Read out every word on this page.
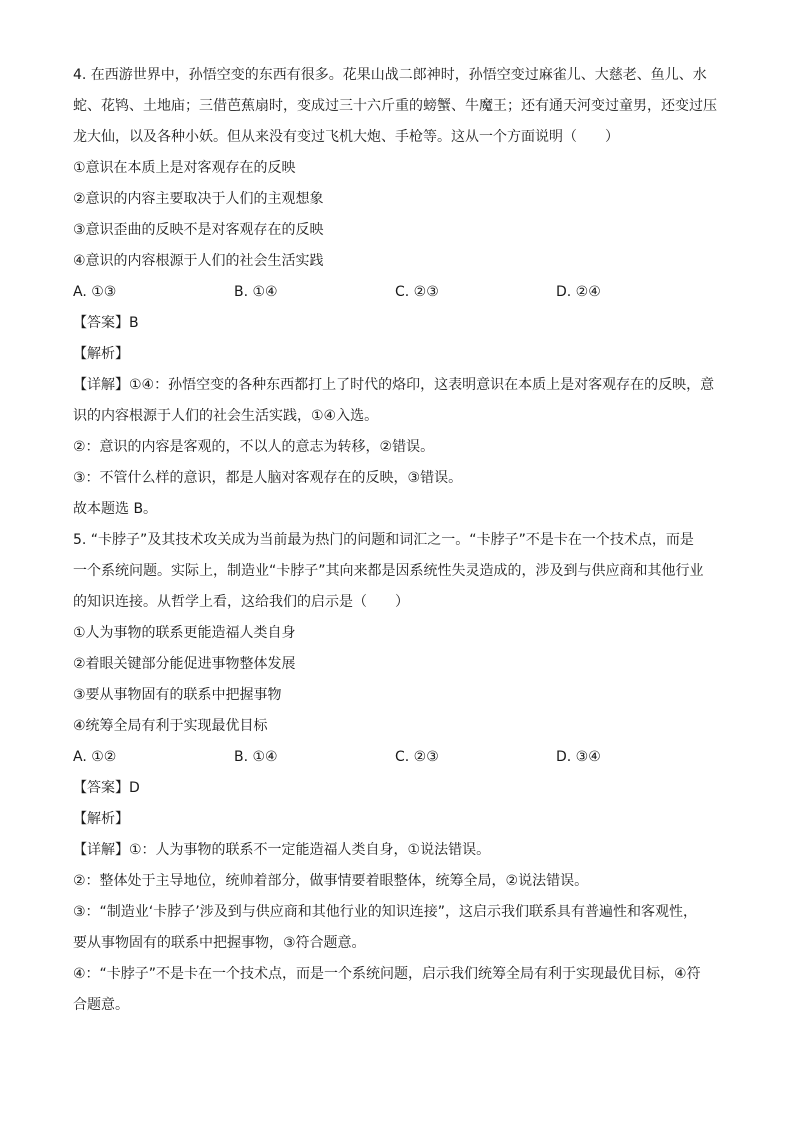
4. 在西游世界中，孙悟空变的东西有很多。花果山战二郎神时，孙悟空变过麻雀儿、大慈老、鱼儿、水

蛇、花鸨、土地庙；三借芭蕉扇时，变成过三十六斤重的螃蟹、牛魔王；还有通天河变过童男，还变过压

龙大仙，以及各种小妖。但从来没有变过飞机大炮、手枪等。这从一个方面说明（　　）

①意识在本质上是对客观存在的反映

②意识的内容主要取决于人们的主观想象

③意识歪曲的反映不是对客观存在的反映

④意识的内容根源于人们的社会生活实践

A. ①③	B. ①④	C. ②③	D. ②④

【答案】B

【解析】

【详解】①④：孙悟空变的各种东西都打上了时代的烙印，这表明意识在本质上是对客观存在的反映，意

识的内容根源于人们的社会生活实践，①④入选。

②：意识的内容是客观的，不以人的意志为转移，②错误。

③：不管什么样的意识，都是人脑对客观存在的反映，③错误。

故本题选 B。

5. “卡脖子”及其技术攻关成为当前最为热门的问题和词汇之一。“卡脖子”不是卡在一个技术点，而是

一个系统问题。实际上，制造业“卡脖子”其向来都是因系统性失灵造成的，涉及到与供应商和其他行业

的知识连接。从哲学上看，这给我们的启示是（　　）

①人为事物的联系更能造福人类自身

②着眼关键部分能促进事物整体发展

③要从事物固有的联系中把握事物

④统筹全局有利于实现最优目标

A. ①②	B. ①④	C. ②③	D. ③④

【答案】D

【解析】

【详解】①：人为事物的联系不一定能造福人类自身，①说法错误。

②：整体处于主导地位，统帅着部分，做事情要着眼整体，统筹全局，②说法错误。

③：“制造业‘卡脖子’涉及到与供应商和其他行业的知识连接”，这启示我们联系具有普遍性和客观性，

要从事物固有的联系中把握事物，③符合题意。

④：“卡脖子”不是卡在一个技术点，而是一个系统问题，启示我们统筹全局有利于实现最优目标，④符

合题意。
